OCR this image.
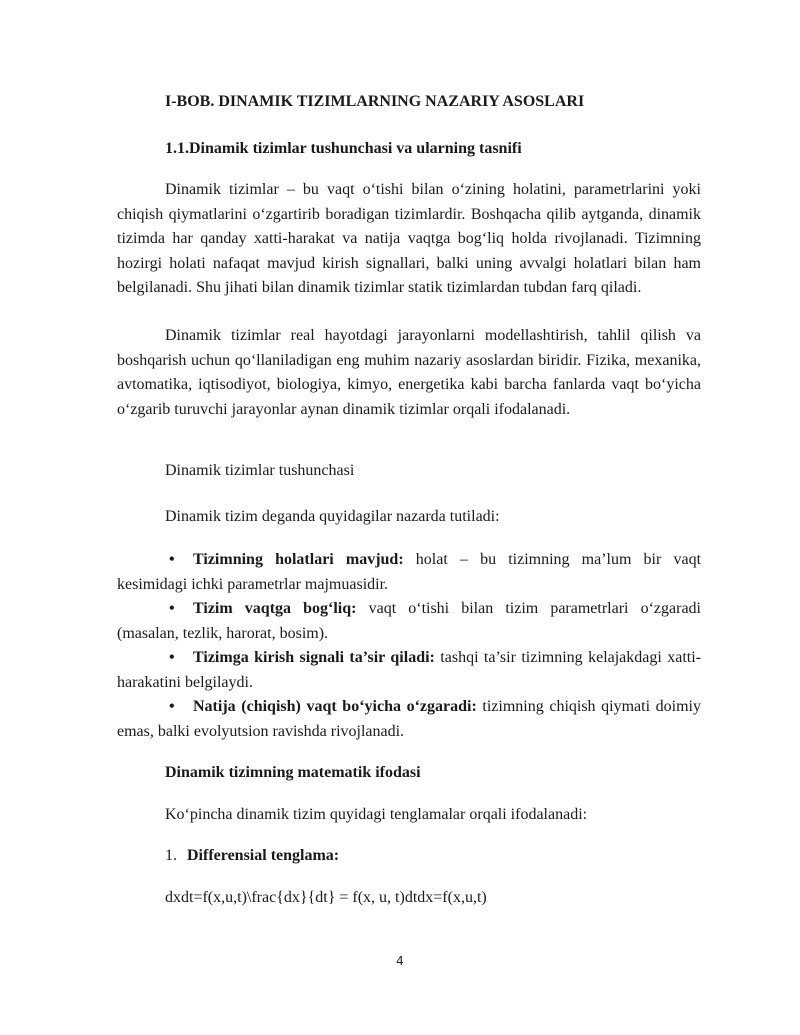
I-BOB. DINAMIK TIZIMLARNING NAZARIY ASOSLARI
1.1.Dinamik tizimlar tushunchasi va ularning tasnifi
Dinamik tizimlar – bu vaqt o‘tishi bilan o‘zining holatini, parametrlarini yoki chiqish qiymatlarini o‘zgartirib boradigan tizimlardir. Boshqacha qilib aytganda, dinamik tizimda har qanday xatti-harakat va natija vaqtga bog‘liq holda rivojlanadi. Tizimning hozirgi holati nafaqat mavjud kirish signallari, balki uning avvalgi holatlari bilan ham belgilanadi. Shu jihati bilan dinamik tizimlar statik tizimlardan tubdan farq qiladi.
Dinamik tizimlar real hayotdagi jarayonlarni modellashtirish, tahlil qilish va boshqarish uchun qo‘llaniladigan eng muhim nazariy asoslardan biridir. Fizika, mexanika, avtomatika, iqtisodiyot, biologiya, kimyo, energetika kabi barcha fanlarda vaqt bo‘yicha o‘zgarib turuvchi jarayonlar aynan dinamik tizimlar orqali ifodalanadi.
Dinamik tizimlar tushunchasi
Dinamik tizim deganda quyidagilar nazarda tutiladi:
• Tizimning holatlari mavjud: holat – bu tizimning ma’lum bir vaqt kesimidagi ichki parametrlar majmuasidir.
• Tizim vaqtga bog‘liq: vaqt o‘tishi bilan tizim parametrlari o‘zgaradi (masalan, tezlik, harorat, bosim).
• Tizimga kirish signali ta’sir qiladi: tashqi ta’sir tizimning kelajakdagi xatti-harakatini belgilaydi.
• Natija (chiqish) vaqt bo‘yicha o‘zgaradi: tizimning chiqish qiymati doimiy emas, balki evolyutsion ravishda rivojlanadi.
Dinamik tizimning matematik ifodasi
Ko‘pincha dinamik tizim quyidagi tenglamalar orqali ifodalanadi:
1. Differensial tenglama:
dxdt=f(x,u,t)\frac{dx}{dt} = f(x, u, t)dtdx=f(x,u,t)
4
